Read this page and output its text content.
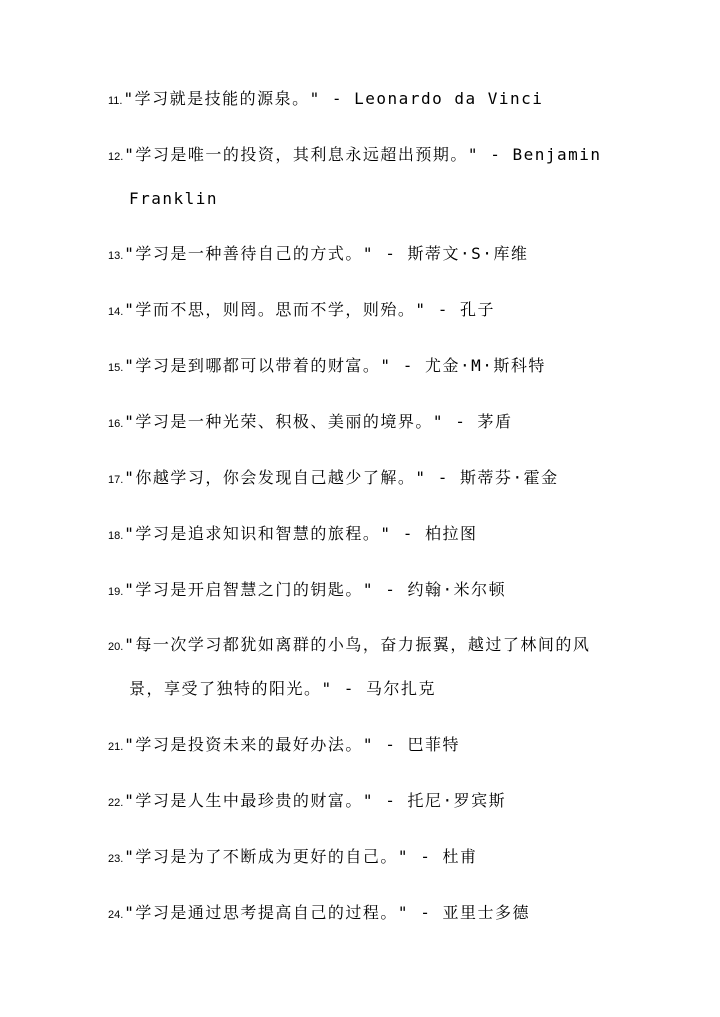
11."学习就是技能的源泉。" - Leonardo da Vinci
12."学习是唯一的投资，其利息永远超出预期。" - Benjamin
Franklin
13."学习是一种善待自己的方式。" - 斯蒂文·S·库维
14."学而不思，则罔。思而不学，则殆。" - 孔子
15."学习是到哪都可以带着的财富。" - 尤金·M·斯科特
16."学习是一种光荣、积极、美丽的境界。" - 茅盾
17."你越学习，你会发现自己越少了解。" - 斯蒂芬·霍金
18."学习是追求知识和智慧的旅程。" - 柏拉图
19."学习是开启智慧之门的钥匙。" - 约翰·米尔顿
20."每一次学习都犹如离群的小鸟，奋力振翼，越过了林间的风
景，享受了独特的阳光。" - 马尔扎克
21."学习是投资未来的最好办法。" - 巴菲特
22."学习是人生中最珍贵的财富。" - 托尼·罗宾斯
23."学习是为了不断成为更好的自己。" - 杜甫
24."学习是通过思考提高自己的过程。" - 亚里士多德
